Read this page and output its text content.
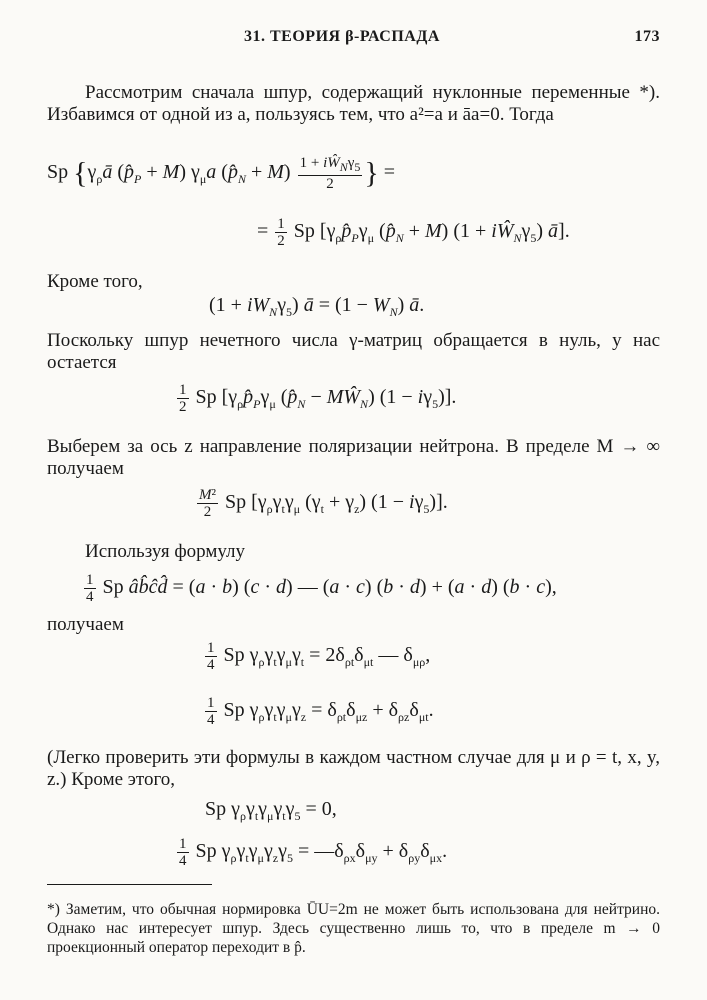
31. ТЕОРИЯ β-РАСПАДА	173
Рассмотрим сначала шпур, содержащий нуклонные переменные *). Избавимся от одной из a, пользуясь тем, что a²=a и āa=0. Тогда
Sp {$\gamma_\rho ā$ $(p̂_P + M)$ $\gamma_\mu a$ $(p̂_N + M) \frac{1 + iŴ_N\gamma_5}{2}$ } =
= $\frac{1}{2}$ Sp [$\gamma_\rho p̂_P\gamma_\mu$ $(p̂_N + M) (1$ + $iŴ_N\gamma_5$) ā].
Кроме того,
$(1 + iW_N\gamma_5)$ ā = $(1 - W_N)$ ā.
Поскольку шпур нечетного числа γ-матриц обращается в нуль, у нас остается
$\frac{1}{2}$ Sp [$\gamma_\rho p̂_P\gamma_\mu$ ($p̂_N$ − $MŴ_N$) $(1 - i\gamma_5)$].
Выберем за ось z направление поляризации нейтрона. В пределе M → ∞ получаем
$\frac{\text{M²}}{2}$ Sp [$\gamma_\rho\gamma_t\gamma_\mu$ $(\gamma_t + \gamma_z) (1 - i\gamma_5)$].
Используя формулу
$\frac{1}{4}$ Sp âb̂ĉd̂ = (a · b) (c · d) — (a · c) (b · d) + (a · d) (b · c),
получаем
$\frac{1}{4}$ Sp $\gamma_\rho\gamma_t\gamma_\mu\gamma_t = 2\delta_{\rho t}\delta_{\mu t}$ — $\delta_{\mu\rho}$,
$\frac{1}{4}$ Sp $\gamma_\rho\gamma_t\gamma_\mu\gamma_z = \delta_{\rho t}\delta_{\mu z} + \delta_{\rho z}\delta_{\mu t}$.
(Легко проверить эти формулы в каждом частном случае для μ и ρ = t, x, y, z.) Кроме этого,
Sp $\gamma_\rho\gamma_t\gamma_\mu\gamma_t\gamma_5 = 0$,
$\frac{1}{4}$ Sp $\gamma_\rho\gamma_t\gamma_\mu\gamma_z\gamma_5$ = $—\delta_{\rho x}\delta_{\mu y} + \delta_{\rho y}\delta_{\mu x}$.
*) Заметим, что обычная нормировка ŪU=2m не может быть использована для нейтрино. Однако нас интересует шпур. Здесь существенно лишь то, что в пределе m → 0 проекционный оператор переходит в p̂.
